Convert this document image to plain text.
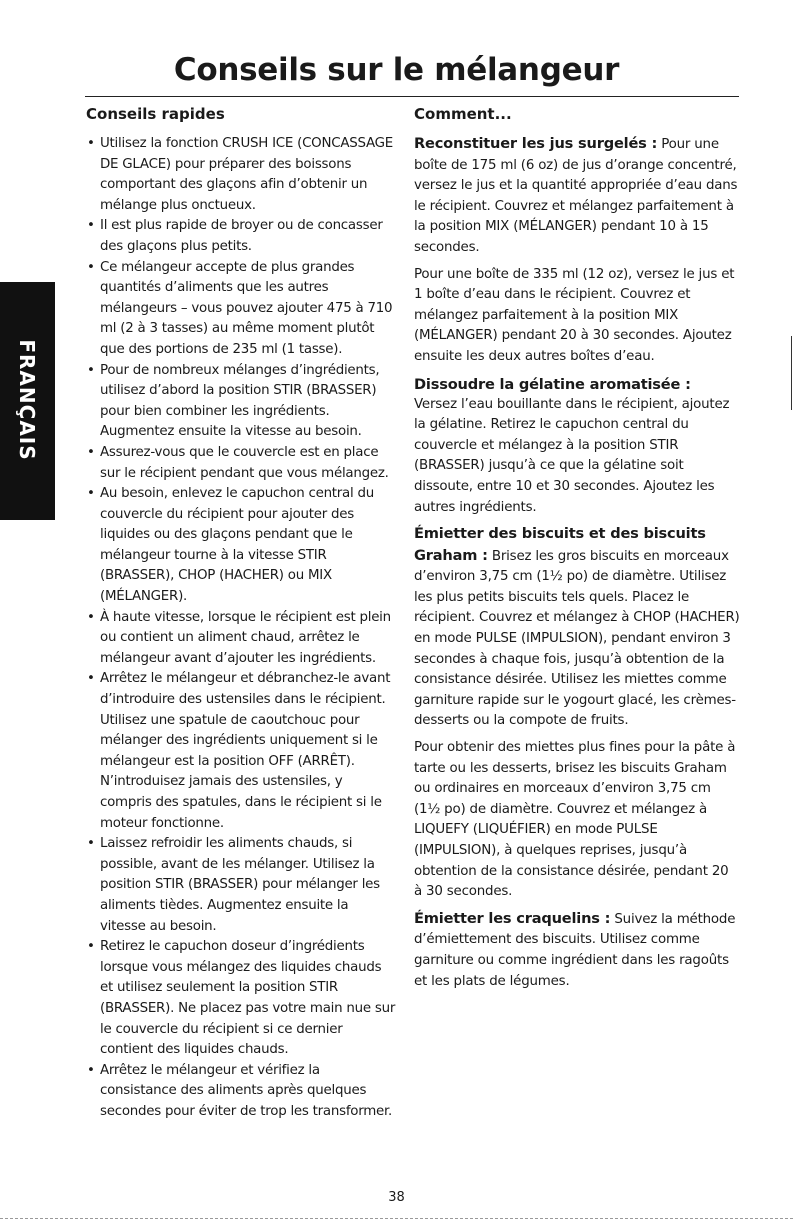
Conseils sur le mélangeur
FRANÇAIS
Conseils rapides
• Utilisez la fonction CRUSH ICE (CONCASSAGE DE GLACE) pour préparer des boissons comportant des glaçons afin d’obtenir un mélange plus onctueux.
• Il est plus rapide de broyer ou de concasser des glaçons plus petits.
• Ce mélangeur accepte de plus grandes quantités d’aliments que les autres mélangeurs – vous pouvez ajouter 475 à 710 ml (2 à 3 tasses) au même moment plutôt que des portions de 235 ml (1 tasse).
• Pour de nombreux mélanges d’ingrédients, utilisez d’abord la position STIR (BRASSER) pour bien combiner les ingrédients. Augmentez ensuite la vitesse au besoin.
• Assurez-vous que le couvercle est en place sur le récipient pendant que vous mélangez.
• Au besoin, enlevez le capuchon central du couvercle du récipient pour ajouter des liquides ou des glaçons pendant que le mélangeur tourne à la vitesse STIR (BRASSER), CHOP (HACHER) ou MIX (MÉLANGER).
• À haute vitesse, lorsque le récipient est plein ou contient un aliment chaud, arrêtez le mélangeur avant d’ajouter les ingrédients.
• Arrêtez le mélangeur et débranchez-le avant d’introduire des ustensiles dans le récipient. Utilisez une spatule de caoutchouc pour mélanger des ingrédients uniquement si le mélangeur est la position OFF (ARRÊT). N’introduisez jamais des ustensiles, y compris des spatules, dans le récipient si le moteur fonctionne.
• Laissez refroidir les aliments chauds, si possible, avant de les mélanger. Utilisez la position STIR (BRASSER) pour mélanger les aliments tièdes. Augmentez ensuite la vitesse au besoin.
• Retirez le capuchon doseur d’ingrédients lorsque vous mélangez des liquides chauds et utilisez seulement la position STIR (BRASSER). Ne placez pas votre main nue sur le couvercle du récipient si ce dernier contient des liquides chauds.
• Arrêtez le mélangeur et vérifiez la consistance des aliments après quelques secondes pour éviter de trop les transformer.
Comment...

Reconstituer les jus surgelés : Pour une boîte de 175 ml (6 oz) de jus d’orange concentré, versez le jus et la quantité appropriée d’eau dans le récipient. Couvrez et mélangez parfaitement à la position MIX (MÉLANGER) pendant 10 à 15 secondes.

Pour une boîte de 335 ml (12 oz), versez le jus et 1 boîte d’eau dans le récipient. Couvrez et mélangez parfaitement à la position MIX (MÉLANGER) pendant 20 à 30 secondes. Ajoutez ensuite les deux autres boîtes d’eau.

Dissoudre la gélatine aromatisée :

Versez l’eau bouillante dans le récipient, ajoutez la gélatine. Retirez le capuchon central du couvercle et mélangez à la position STIR (BRASSER) jusqu’à ce que la gélatine soit dissoute, entre 10 et 30 secondes. Ajoutez les autres ingrédients.

Émietter des biscuits et des biscuits Graham : Brisez les gros biscuits en morceaux d’environ 3,75 cm (1½ po) de diamètre. Utilisez les plus petits biscuits tels quels. Placez le récipient. Couvrez et mélangez à CHOP (HACHER) en mode PULSE (IMPULSION), pendant environ 3 secondes à chaque fois, jusqu’à obtention de la consistance désirée. Utilisez les miettes comme garniture rapide sur le yogourt glacé, les crèmes-desserts ou la compote de fruits.

Pour obtenir des miettes plus fines pour la pâte à tarte ou les desserts, brisez les biscuits Graham ou ordinaires en morceaux d’environ 3,75 cm (1½ po) de diamètre. Couvrez et mélangez à LIQUEFY (LIQUÉFIER) en mode PULSE (IMPULSION), à quelques reprises, jusqu’à obtention de la consistance désirée, pendant 20 à 30 secondes.

Émietter les craquelins : Suivez la méthode d’émiettement des biscuits. Utilisez comme garniture ou comme ingrédient dans les ragoûts et les plats de légumes.

38
